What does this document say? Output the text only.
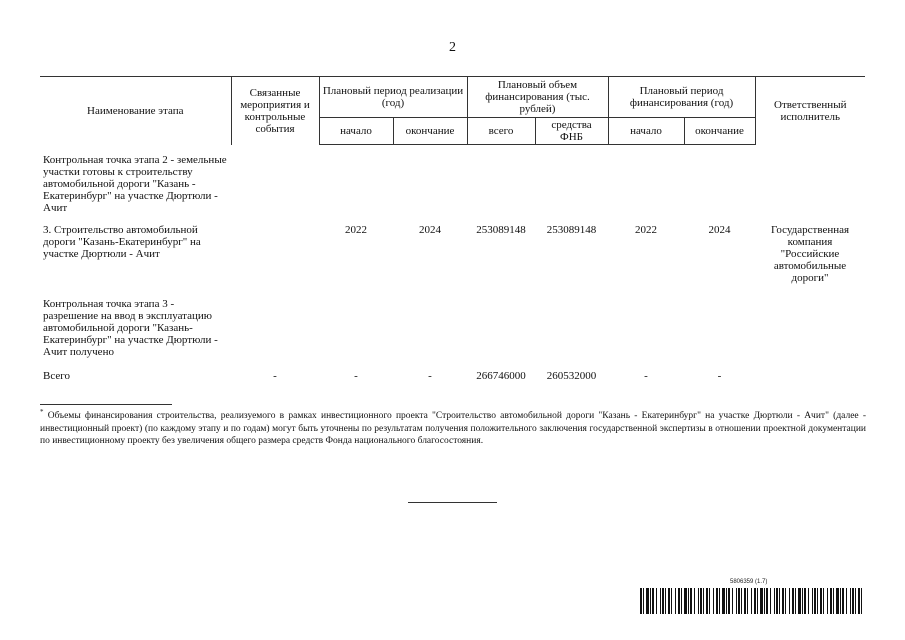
2
Наименование этапа	Связанные мероприятия и контрольные события	Плановый период реализации (год)		Плановый объем финансирования (тыс. рублей)		Плановый период финансирования (год)		Ответственный исполнитель
		начало	окончание	всего	средства ФНБ	начало	окончание	

Контрольная точка этапа 2 - земельные участки готовы к строительству автомобильной дороги "Казань - Екатеринбург" на участке Дюртюли - Ачит								
3. Строительство автомобильной дороги "Казань-Екатеринбург" на участке Дюртюли - Ачит		2022	2024	253089148	253089148	2022	2024	Государственная компания "Российские автомобильные дороги"
Контрольная точка этапа 3 - разрешение на ввод в эксплуатацию автомобильной дороги "Казань-Екатеринбург" на участке Дюртюли - Ачит получено								
Всего	-	-	-	266746000	260532000	-	-	
* Объемы финансирования строительства, реализуемого в рамках инвестиционного проекта "Строительство автомобильной дороги "Казань - Екатеринбург" на участке Дюртюли - Ачит" (далее - инвестиционный проект) (по каждому этапу и по годам) могут быть уточнены по результатам получения положительного заключения государственной экспертизы в отношении проектной документации по инвестиционному проекту без увеличения общего размера средств Фонда национального благосостояния.
5806359 (1.7)
